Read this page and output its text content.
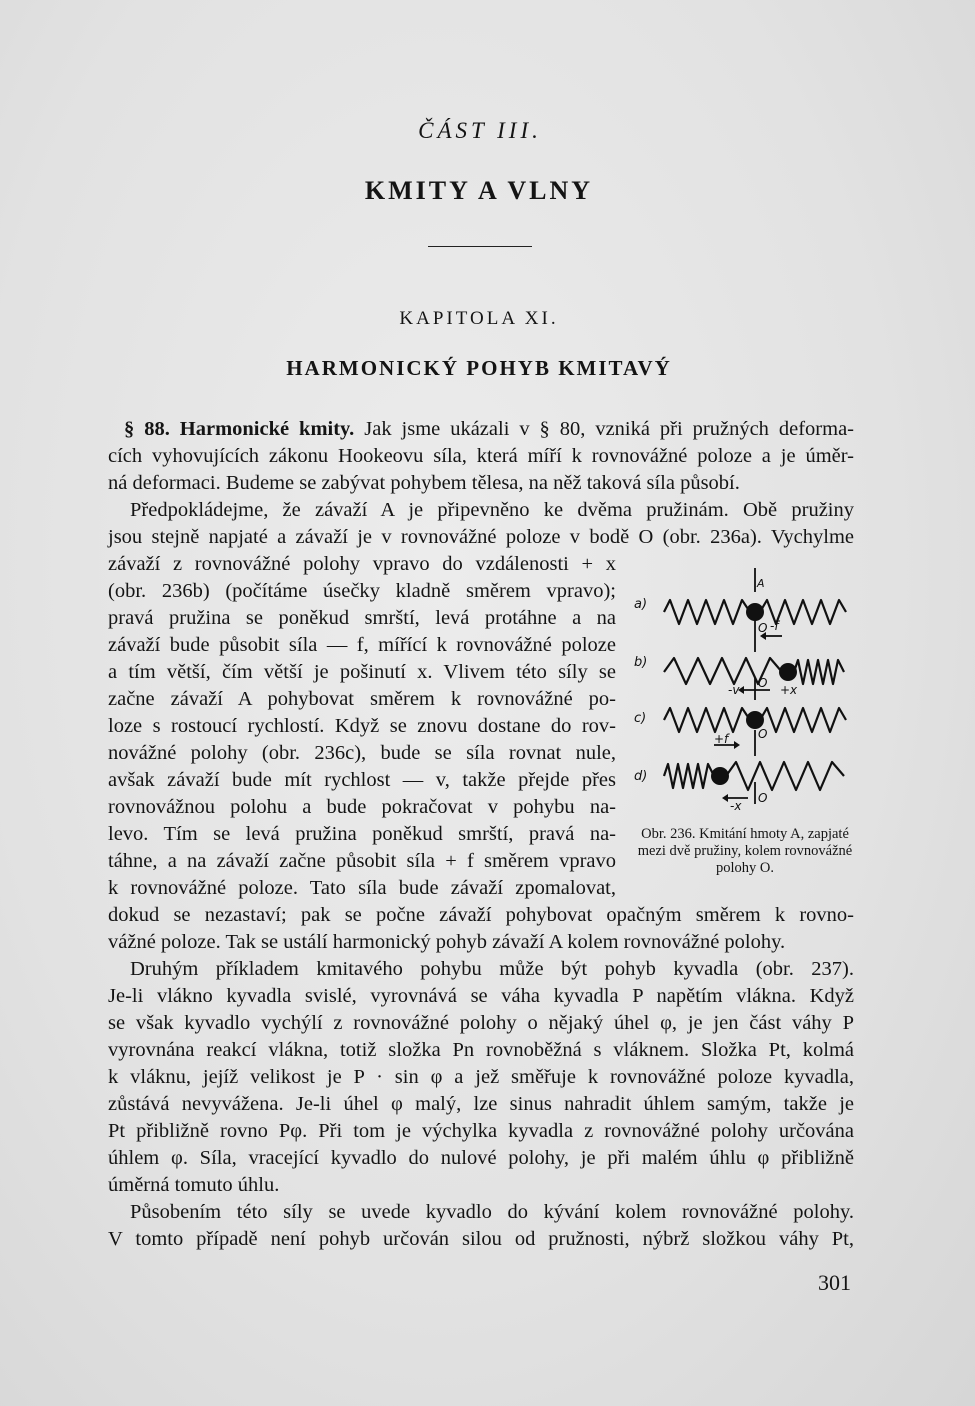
ČÁST III.
KMITY A VLNY
KAPITOLA XI.
HARMONICKÝ POHYB KMITAVÝ
§ 88. Harmonické kmity. Jak jsme ukázali v § 80, vzniká při pružných deforma-
cích vyhovujících zákonu Hookeovu síla, která míří k rovnovážné poloze a je úměr-
ná deformaci. Budeme se zabývat pohybem tělesa, na něž taková síla působí.
Předpokládejme, že závaží A je připevněno ke dvěma pružinám. Obě pružiny
jsou stejně napjaté a závaží je v rovnovážné poloze v bodě O (obr. 236a). Vychylme
závaží z rovnovážné polohy vpravo do vzdálenosti + x
(obr. 236b) (počítáme úsečky kladně směrem vpravo);
pravá pružina se poněkud smrští, levá protáhne a na
závaží bude působit síla — f, mířící k rovnovážné poloze
a tím větší, čím větší je pošinutí x. Vlivem této síly se
začne závaží A pohybovat směrem k rovnovážné po-
loze s rostoucí rychlostí. Když se znovu dostane do rov-
novážné polohy (obr. 236c), bude se síla rovnat nule,
avšak závaží bude mít rychlost — v, takže přejde přes
rovnovážnou polohu a bude pokračovat v pohybu na-
levo. Tím se levá pružina poněkud smrští, pravá na-
táhne, a na závaží začne působit síla + f směrem vpravo
k rovnovážné poloze. Tato síla bude závaží zpomalovat,
dokud se nezastaví; pak se počne závaží pohybovat opačným směrem k rovno-
vážné poloze. Tak se ustálí harmonický pohyb závaží A kolem rovnovážné polohy.
Druhým příkladem kmitavého pohybu může být pohyb kyvadla (obr. 237).
Je-li vlákno kyvadla svislé, vyrovnává se váha kyvadla P napětím vlákna. Když
se však kyvadlo vychýlí z rovnovážné polohy o nějaký úhel φ, je jen část váhy P
vyrovnána reakcí vlákna, totiž složka Pn rovnoběžná s vláknem. Složka Pt, kolmá
k vláknu, jejíž velikost je P · sin φ a jež směřuje k rovnovážné poloze kyvadla,
zůstává nevyvážena. Je-li úhel φ malý, lze sinus nahradit úhlem samým, takže je
Pt přibližně rovno Pφ. Při tom je výchylka kyvadla z rovnovážné polohy určována
úhlem φ. Síla, vracející kyvadlo do nulové polohy, je při malém úhlu φ přibližně
úměrná tomuto úhlu.
Působením této síly se uvede kyvadlo do kývání kolem rovnovážné polohy.
V tomto případě není pohyb určován silou od pružnosti, nýbrž složkou váhy Pt,
a)
b)
c)
d)
A
O -f
O
-v	+x
O
+f
O
-x
Obr. 236. Kmitání hmoty A, zapjaté mezi dvě pružiny, kolem rovnovážné polohy O.
301
